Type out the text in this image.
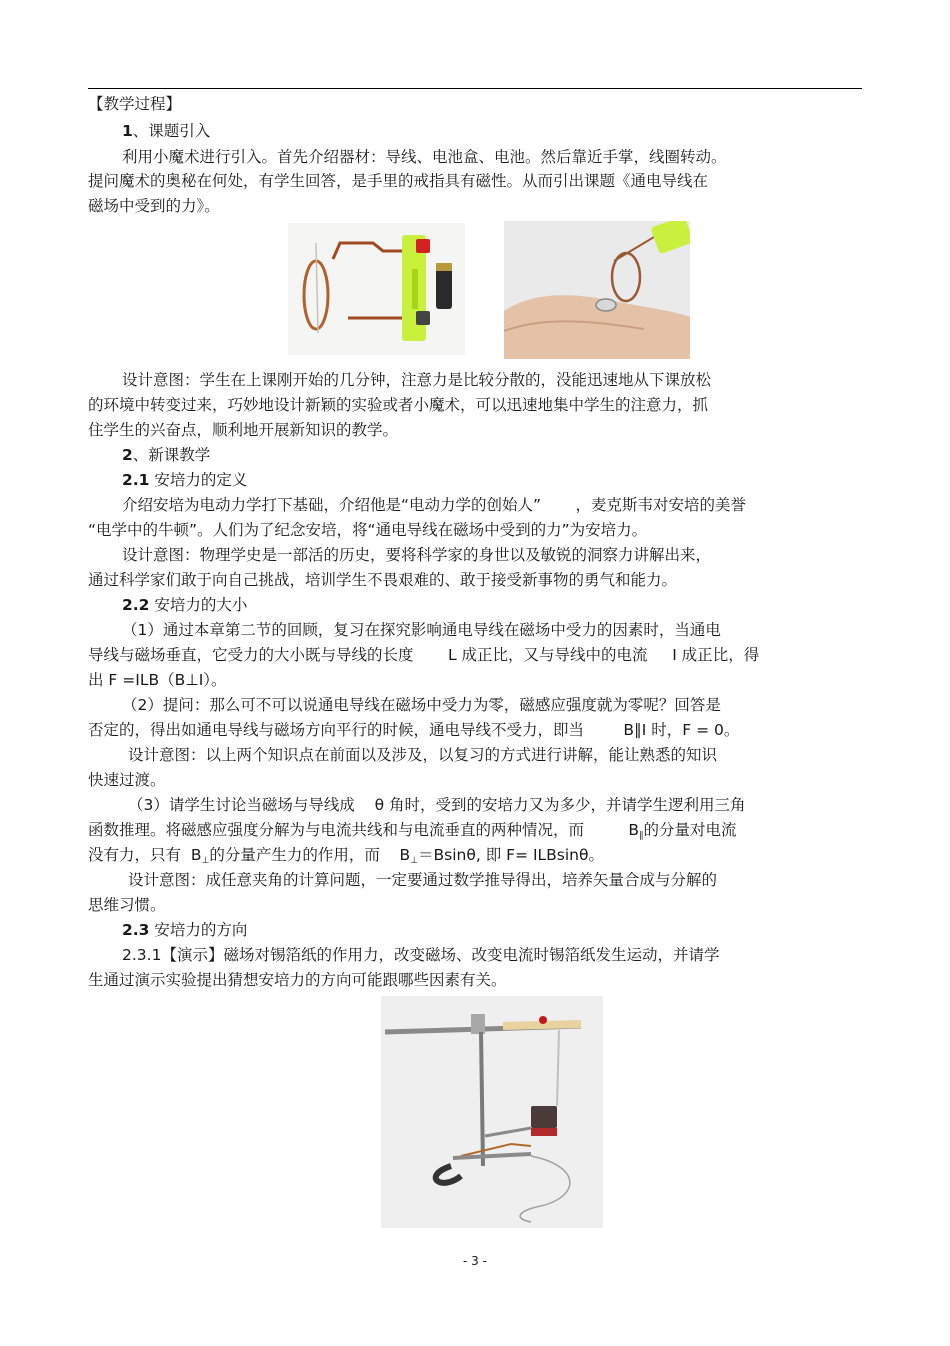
【教学过程】
1、课题引入
利用小魔术进行引入。首先介绍器材：导线、电池盒、电池。然后靠近手掌，线圈转动。
提问魔术的奥秘在何处，有学生回答，是手里的戒指具有磁性。从而引出课题《通电导线在
磁场中受到的力》。
设计意图：学生在上课刚开始的几分钟，注意力是比较分散的，没能迅速地从下课放松
的环境中转变过来，巧妙地设计新颖的实验或者小魔术，可以迅速地集中学生的注意力，抓
住学生的兴奋点，顺利地开展新知识的教学。
2、新课教学
2.1 安培力的定义
介绍安培为电动力学打下基础，介绍他是“电动力学的创始人”       ，麦克斯韦对安培的美誉
“电学中的牛顿”。人们为了纪念安培，将“通电导线在磁场中受到的力”为安培力。
设计意图：物理学史是一部活的历史，要将科学家的身世以及敏锐的洞察力讲解出来，
通过科学家们敢于向自己挑战，培训学生不畏艰难的、敢于接受新事物的勇气和能力。
2.2 安培力的大小
（1）通过本章第二节的回顾，复习在探究影响通电导线在磁场中受力的因素时，当通电
导线与磁场垂直，它受力的大小既与导线的长度       L 成正比，又与导线中的电流     I 成正比，得
出 F =ILB（B⊥I）。
（2）提问：那么可不可以说通电导线在磁场中受力为零，磁感应强度就为零呢？回答是
否定的，得出如通电导线与磁场方向平行的时候，通电导线不受力，即当        B∥I 时，F = 0。
设计意图：以上两个知识点在前面以及涉及，以复习的方式进行讲解，能让熟悉的知识
快速过渡。
（3）请学生讨论当磁场与导线成    θ 角时，受到的安培力又为多少，并请学生逻利用三角
函数推理。将磁感应强度分解为与电流共线和与电流垂直的两种情况，而         B∥的分量对电流
没有力，只有  B⊥的分量产生力的作用，而    B⊥＝Bsinθ, 即 F= ILBsinθ。
设计意图：成任意夹角的计算问题，一定要通过数学推导得出，培养矢量合成与分解的
思维习惯。
2.3 安培力的方向
2.3.1【演示】磁场对锡箔纸的作用力，改变磁场、改变电流时锡箔纸发生运动，并请学
生通过演示实验提出猜想安培力的方向可能跟哪些因素有关。
- 3 -
